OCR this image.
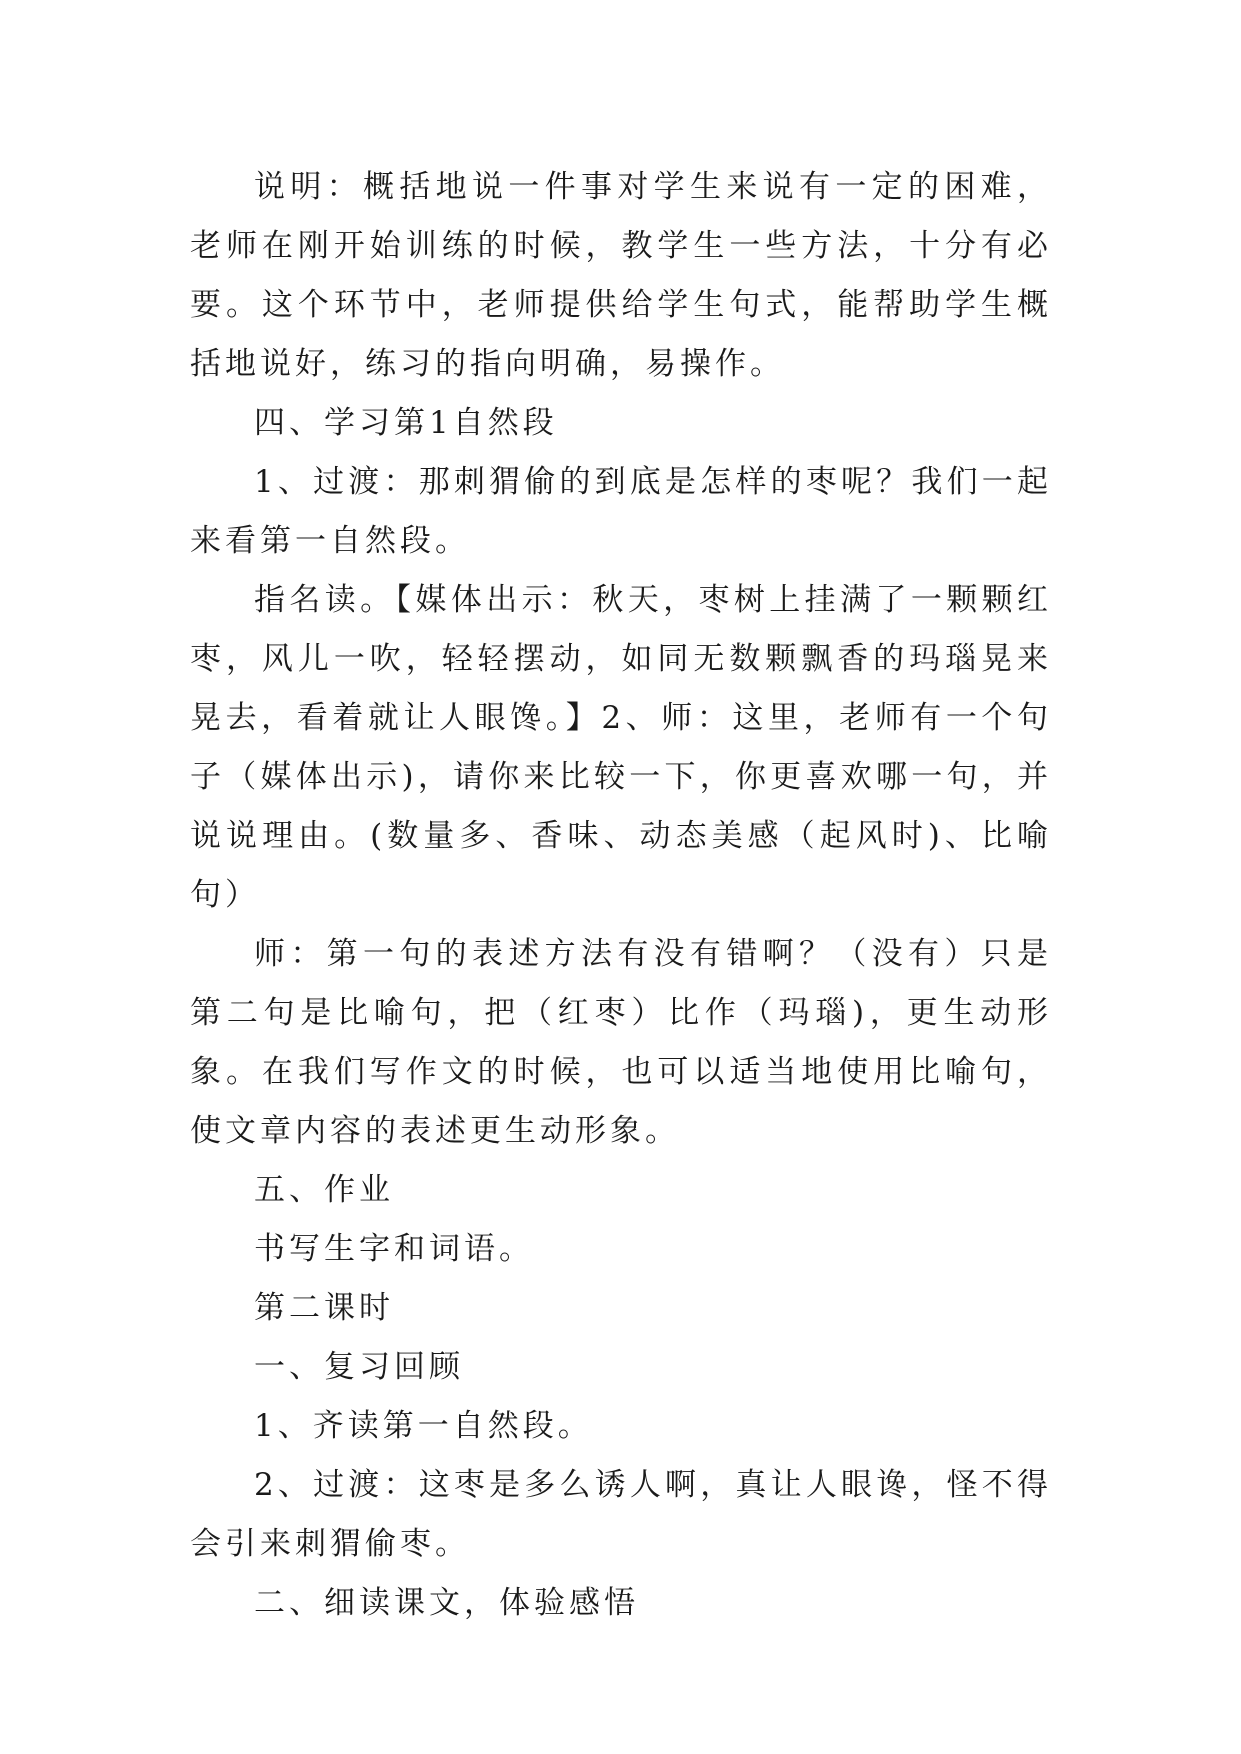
说明：概括地说一件事对学生来说有一定的困难，老师在刚开始训练的时候，教学生一些方法，十分有必要。这个环节中，老师提供给学生句式，能帮助学生概括地说好，练习的指向明确，易操作。

四、学习第1自然段

1、过渡：那刺猬偷的到底是怎样的枣呢？我们一起来看第一自然段。

指名读。【媒体出示：秋天，枣树上挂满了一颗颗红枣，风儿一吹，轻轻摆动，如同无数颗飘香的玛瑙晃来晃去，看着就让人眼馋。】2、师：这里，老师有一个句子（媒体出示)，请你来比较一下，你更喜欢哪一句，并说说理由。(数量多、香味、动态美感（起风时)、比喻句）

师：第一句的表述方法有没有错啊？（没有）只是第二句是比喻句，把（红枣）比作（玛瑙)，更生动形象。在我们写作文的时候，也可以适当地使用比喻句，使文章内容的表述更生动形象。

五、作业

书写生字和词语。

第二课时

一、复习回顾

1、齐读第一自然段。

2、过渡：这枣是多么诱人啊，真让人眼谗，怪不得会引来刺猬偷枣。

二、细读课文，体验感悟
